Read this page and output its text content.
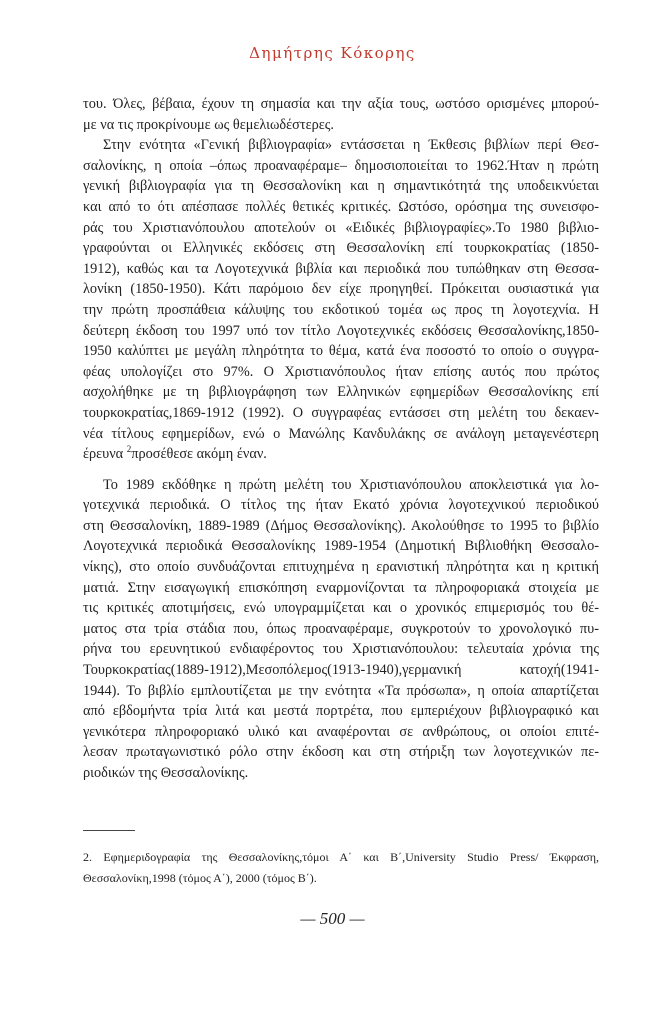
Δημήτρης Κόκορης
του. Όλες, βέβαια, έχουν τη σημασία και την αξία τους, ωστόσο ορισμένες μπορού-
με να τις προκρίνουμε ως θεμελιωδέστερες.
Στην ενότητα «Γενική βιβλιογραφία» εντάσσεται η Έκθεσις βιβλίων περί Θεσ-
σαλονίκης, η οποία –όπως προαναφέραμε– δημοσιοποιείται το 1962.Ήταν η πρώτη
γενική βιβλιογραφία για τη Θεσσαλονίκη και η σημαντικότητά της υποδεικνύεται
και από το ότι απέσπασε πολλές θετικές κριτικές. Ωστόσο, ορόσημα της συνεισφο-
ράς του Χριστιανόπουλου αποτελούν οι «Ειδικές βιβλιογραφίες».Το 1980 βιβλιο-
γραφούνται οι Ελληνικές εκδόσεις στη Θεσσαλονίκη επί τουρκοκρατίας (1850-
1912), καθώς και τα Λογοτεχνικά βιβλία και περιοδικά που τυπώθηκαν στη Θεσσα-
λονίκη (1850-1950). Κάτι παρόμοιο δεν είχε προηγηθεί. Πρόκειται ουσιαστικά για
την πρώτη προσπάθεια κάλυψης του εκδοτικού τομέα ως προς τη λογοτεχνία. Η
δεύτερη έκδοση του 1997 υπό τον τίτλο Λογοτεχνικές εκδόσεις Θεσσαλονίκης,1850-
1950 καλύπτει με μεγάλη πληρότητα το θέμα, κατά ένα ποσοστό το οποίο ο συγγρα-
φέας υπολογίζει στο 97%. Ο Χριστιανόπουλος ήταν επίσης αυτός που πρώτος
ασχολήθηκε με τη βιβλιογράφηση των Ελληνικών εφημερίδων Θεσσαλονίκης επί
τουρκοκρατίας,1869-1912 (1992). Ο συγγραφέας εντάσσει στη μελέτη του δεκαεν-
νέα τίτλους εφημερίδων, ενώ ο Μανώλης Κανδυλάκης σε ανάλογη μεταγενέστερη
έρευνα $^2$προσέθεσε ακόμη έναν.
Το 1989 εκδόθηκε η πρώτη μελέτη του Χριστιανόπουλου αποκλειστικά για λο-
γοτεχνικά περιοδικά. Ο τίτλος της ήταν Εκατό χρόνια λογοτεχνικού περιοδικού
στη Θεσσαλονίκη, 1889-1989 (Δήμος Θεσσαλονίκης). Ακολούθησε το 1995 το βιβλίο
Λογοτεχνικά περιοδικά Θεσσαλονίκης 1989-1954 (Δημοτική Βιβλιοθήκη Θεσσαλο-
νίκης), στο οποίο συνδυάζονται επιτυχημένα η ερανιστική πληρότητα και η κριτική
ματιά. Στην εισαγωγική επισκόπηση εναρμονίζονται τα πληροφοριακά στοιχεία με
τις κριτικές αποτιμήσεις, ενώ υπογραμμίζεται και ο χρονικός επιμερισμός του θέ-
ματος στα τρία στάδια που, όπως προαναφέραμε, συγκροτούν το χρονολογικό πυ-
ρήνα του ερευνητικού ενδιαφέροντος του Χριστιανόπουλου: τελευταία χρόνια της
Τουρκοκρατίας(1889-1912),Μεσοπόλεμος(1913-1940),γερμανική κατοχή(1941-
1944). Το βιβλίο εμπλουτίζεται με την ενότητα «Τα πρόσωπα», η οποία απαρτίζεται
από εβδομήντα τρία λιτά και μεστά πορτρέτα, που εμπεριέχουν βιβλιογραφικό και
γενικότερα πληροφοριακό υλικό και αναφέρονται σε ανθρώπους, οι οποίοι επιτέ-
λεσαν πρωταγωνιστικό ρόλο στην έκδοση και στη στήριξη των λογοτεχνικών πε-
ριοδικών της Θεσσαλονίκης.
2. Εφημεριδογραφία της Θεσσαλονίκης,τόμοι Α΄ και Β΄,University Studio Press/ Έκφραση,
Θεσσαλονίκη,1998 (τόμος Α΄), 2000 (τόμος Β΄).
— 500 —
